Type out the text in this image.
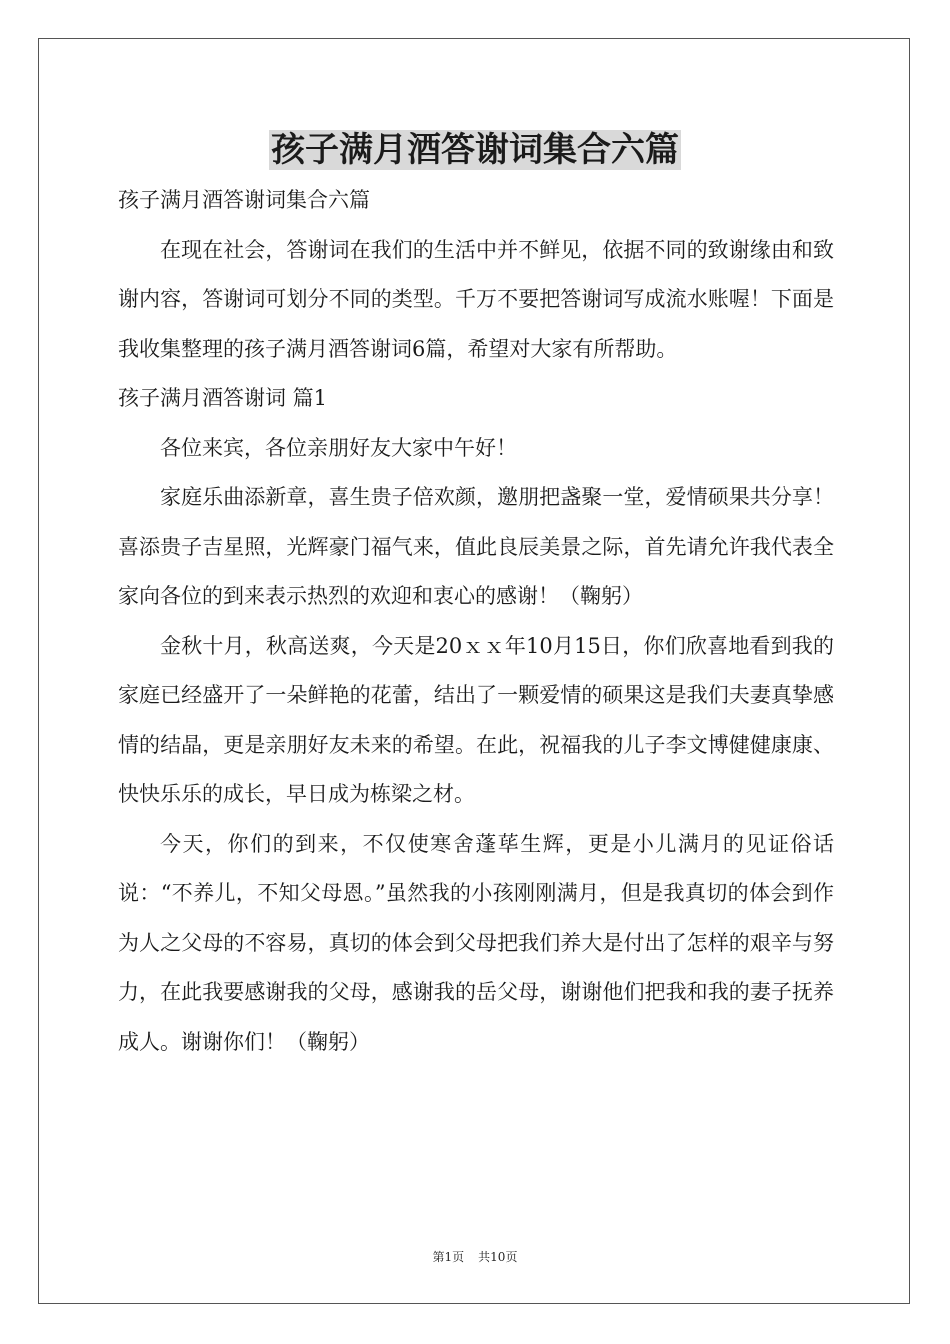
孩子满月酒答谢词集合六篇

孩子满月酒答谢词集合六篇

在现在社会，答谢词在我们的生活中并不鲜见，依据不同的致谢缘由和致谢内容，答谢词可划分不同的类型。千万不要把答谢词写成流水账喔！下面是我收集整理的孩子满月酒答谢词6篇，希望对大家有所帮助。

孩子满月酒答谢词 篇1

各位来宾，各位亲朋好友大家中午好！

家庭乐曲添新章，喜生贵子倍欢颜，邀朋把盏聚一堂，爱情硕果共分享！喜添贵子吉星照，光辉豪门福气来，值此良辰美景之际，首先请允许我代表全家向各位的到来表示热烈的欢迎和衷心的感谢！（鞠躬）

金秋十月，秋高送爽，今天是20ｘｘ年10月15日，你们欣喜地看到我的家庭已经盛开了一朵鲜艳的花蕾，结出了一颗爱情的硕果这是我们夫妻真挚感情的结晶，更是亲朋好友未来的希望。在此，祝福我的儿子李文博健健康康、快快乐乐的成长，早日成为栋梁之材。

今天，你们的到来，不仅使寒舍蓬荜生辉，更是小儿满月的见证俗话说：“不养儿，不知父母恩。”虽然我的小孩刚刚满月，但是我真切的体会到作为人之父母的不容易，真切的体会到父母把我们养大是付出了怎样的艰辛与努力，在此我要感谢我的父母，感谢我的岳父母，谢谢他们把我和我的妻子抚养成人。谢谢你们！（鞠躬）

第1页 共10页
